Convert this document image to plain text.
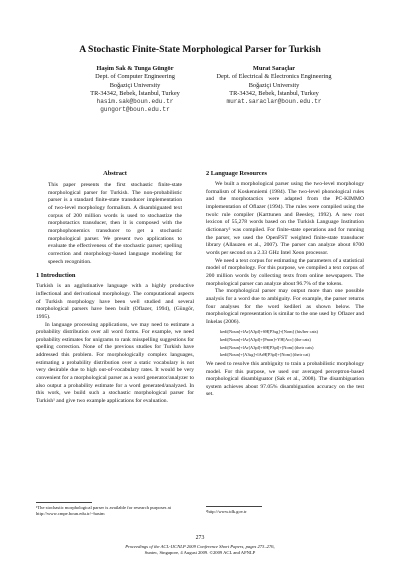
A Stochastic Finite-State Morphological Parser for Turkish
Haşim Sak & Tunga Güngör
Dept. of Computer Engineering
Boğaziçi University
TR-34342, Bebek, İstanbul, Turkey
hasim.sak@boun.edu.tr
gungort@boun.edu.tr
Murat Saraçlar
Dept. of Electrical & Electronics Engineering
Boğaziçi University
TR-34342, Bebek, İstanbul, Turkey
murat.saraclar@boun.edu.tr
Abstract
This paper presents the first stochastic finite-state morphological parser for Turkish. The non-probabilistic parser is a standard finite-state transducer implementation of two-level morphology formalism. A disambiguated text corpus of 200 million words is used to stochastize the morphotactics transducer, then it is composed with the morphophonemics transducer to get a stochastic morphological parser. We present two applications to evaluate the effectiveness of the stochastic parser; spelling correction and morphology-based language modeling for speech recognition.
1 Introduction

Turkish is an agglutinative language with a highly productive inflectional and derivational morphology. The computational aspects of Turkish morphology have been well studied and several morphological parsers have been built (Oflazer, 1994), (Güngör, 1995).

In language processing applications, we may need to estimate a probability distribution over all word forms. For example, we need probability estimates for unigrams to rank misspelling suggestions for spelling correction. None of the previous studies for Turkish have addressed this problem. For morphologically complex languages, estimating a probability distribution over a static vocabulary is not very desirable due to high out-of-vocabulary rates. It would be very convenient for a morphological parser as a word generator/analyzer to also output a probability estimate for a word generated/analyzed. In this work, we build such a stochastic morphological parser for Turkish¹ and give two example applications for evaluation.

2 Language Resources

We built a morphological parser using the two-level morphology formalism of Koskenniemi (1984). The two-level phonological rules and the morphotactics were adapted from the PC-KIMMO implementation of Oflazer (1994). The rules were compiled using the twolc rule compiler (Karttunen and Beesley, 1992). A new root lexicon of 55,278 words based on the Turkish Language Institution dictionary² was compiled. For finite-state operations and for running the parser, we used the OpenFST weighted finite-state transducer library (Allauzen et al., 2007). The parser can analyze about 8700 words per second on a 2.33 GHz Intel Xeon processor.

We need a text corpus for estimating the parameters of a statistical model of morphology. For this purpose, we compiled a text corpus of 200 million words by collecting texts from online newspapers. The morphological parser can analyze about 96.7% of the tokens.

The morphological parser may output more than one possible analysis for a word due to ambiguity. For example, the parser returns four analyses for the word kedileri as shown below. The morphological representation is similar to the one used by Oflazer and Inkelas (2006).

kedi[Noun]+lAr[A3pl]+SH[P3sg]+[Nom] (his/her cats)
kedi[Noun]+lAr[A3pl]+[Pnon]+YH[Acc] (the cats)
kedi[Noun]+lAr[A3pl]+SH[P3pl]+[Nom] (their cats)
kedi[Noun]+[A3sg]+lArH[P3pl]+[Nom] (their cat)

We need to resolve this ambiguity to train a probabilistic morphology model. For this purpose, we used our averaged perceptron-based morphological disambiguator (Sak et al., 2008). The disambiguation system achieves about 97.05% disambiguation accuracy on the test set.

¹The stochastic morphological parser is available for research purposes at http://www.cmpe.boun.edu.tr/~hasim	²http://www.tdk.gov.tr
273
Proceedings of the ACL-IJCNLP 2009 Conference Short Papers, pages 273–276,
Suntec, Singapore, 4 August 2009. ©2009 ACL and AFNLP
